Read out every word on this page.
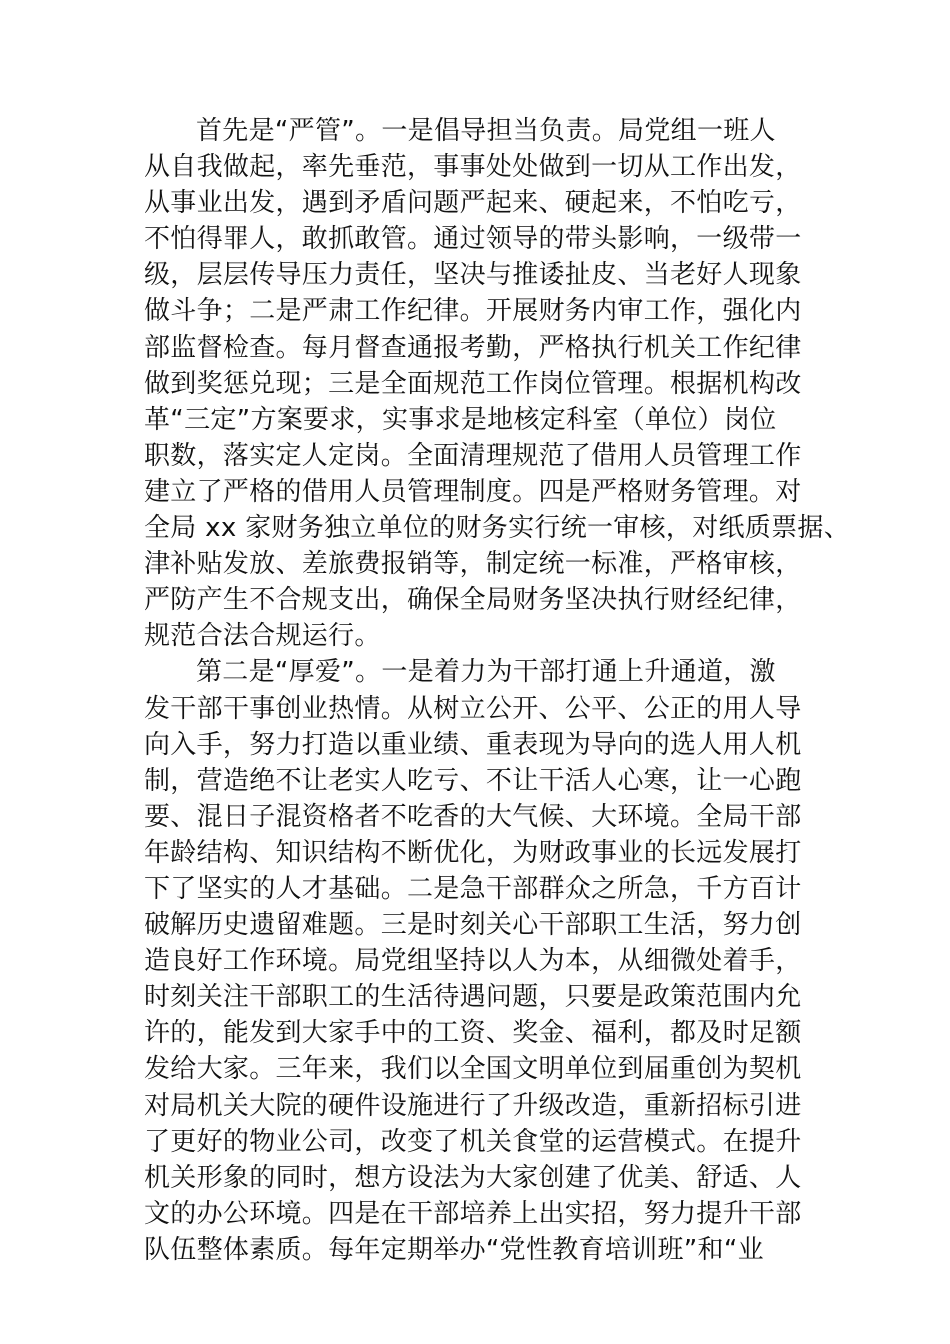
首先是“严管”。一是倡导担当负责。局党组一班人
从自我做起，率先垂范，事事处处做到一切从工作出发，
从事业出发，遇到矛盾问题严起来、硬起来，不怕吃亏，
不怕得罪人，敢抓敢管。通过领导的带头影响，一级带一
级，层层传导压力责任，坚决与推诿扯皮、当老好人现象
做斗争；二是严肃工作纪律。开展财务内审工作，强化内
部监督检查。每月督查通报考勤，严格执行机关工作纪律
做到奖惩兑现；三是全面规范工作岗位管理。根据机构改
革“三定”方案要求，实事求是地核定科室（单位）岗位
职数，落实定人定岗。全面清理规范了借用人员管理工作
建立了严格的借用人员管理制度。四是严格财务管理。对
全局 xx 家财务独立单位的财务实行统一审核，对纸质票据、
津补贴发放、差旅费报销等，制定统一标准，严格审核，
严防产生不合规支出，确保全局财务坚决执行财经纪律，
规范合法合规运行。
第二是“厚爱”。一是着力为干部打通上升通道，激
发干部干事创业热情。从树立公开、公平、公正的用人导
向入手，努力打造以重业绩、重表现为导向的选人用人机
制，营造绝不让老实人吃亏、不让干活人心寒，让一心跑
要、混日子混资格者不吃香的大气候、大环境。全局干部
年龄结构、知识结构不断优化，为财政事业的长远发展打
下了坚实的人才基础。二是急干部群众之所急，千方百计
破解历史遗留难题。三是时刻关心干部职工生活，努力创
造良好工作环境。局党组坚持以人为本，从细微处着手，
时刻关注干部职工的生活待遇问题，只要是政策范围内允
许的，能发到大家手中的工资、奖金、福利，都及时足额
发给大家。三年来，我们以全国文明单位到届重创为契机
对局机关大院的硬件设施进行了升级改造，重新招标引进
了更好的物业公司，改变了机关食堂的运营模式。在提升
机关形象的同时，想方设法为大家创建了优美、舒适、人
文的办公环境。四是在干部培养上出实招，努力提升干部
队伍整体素质。每年定期举办“党性教育培训班”和“业
